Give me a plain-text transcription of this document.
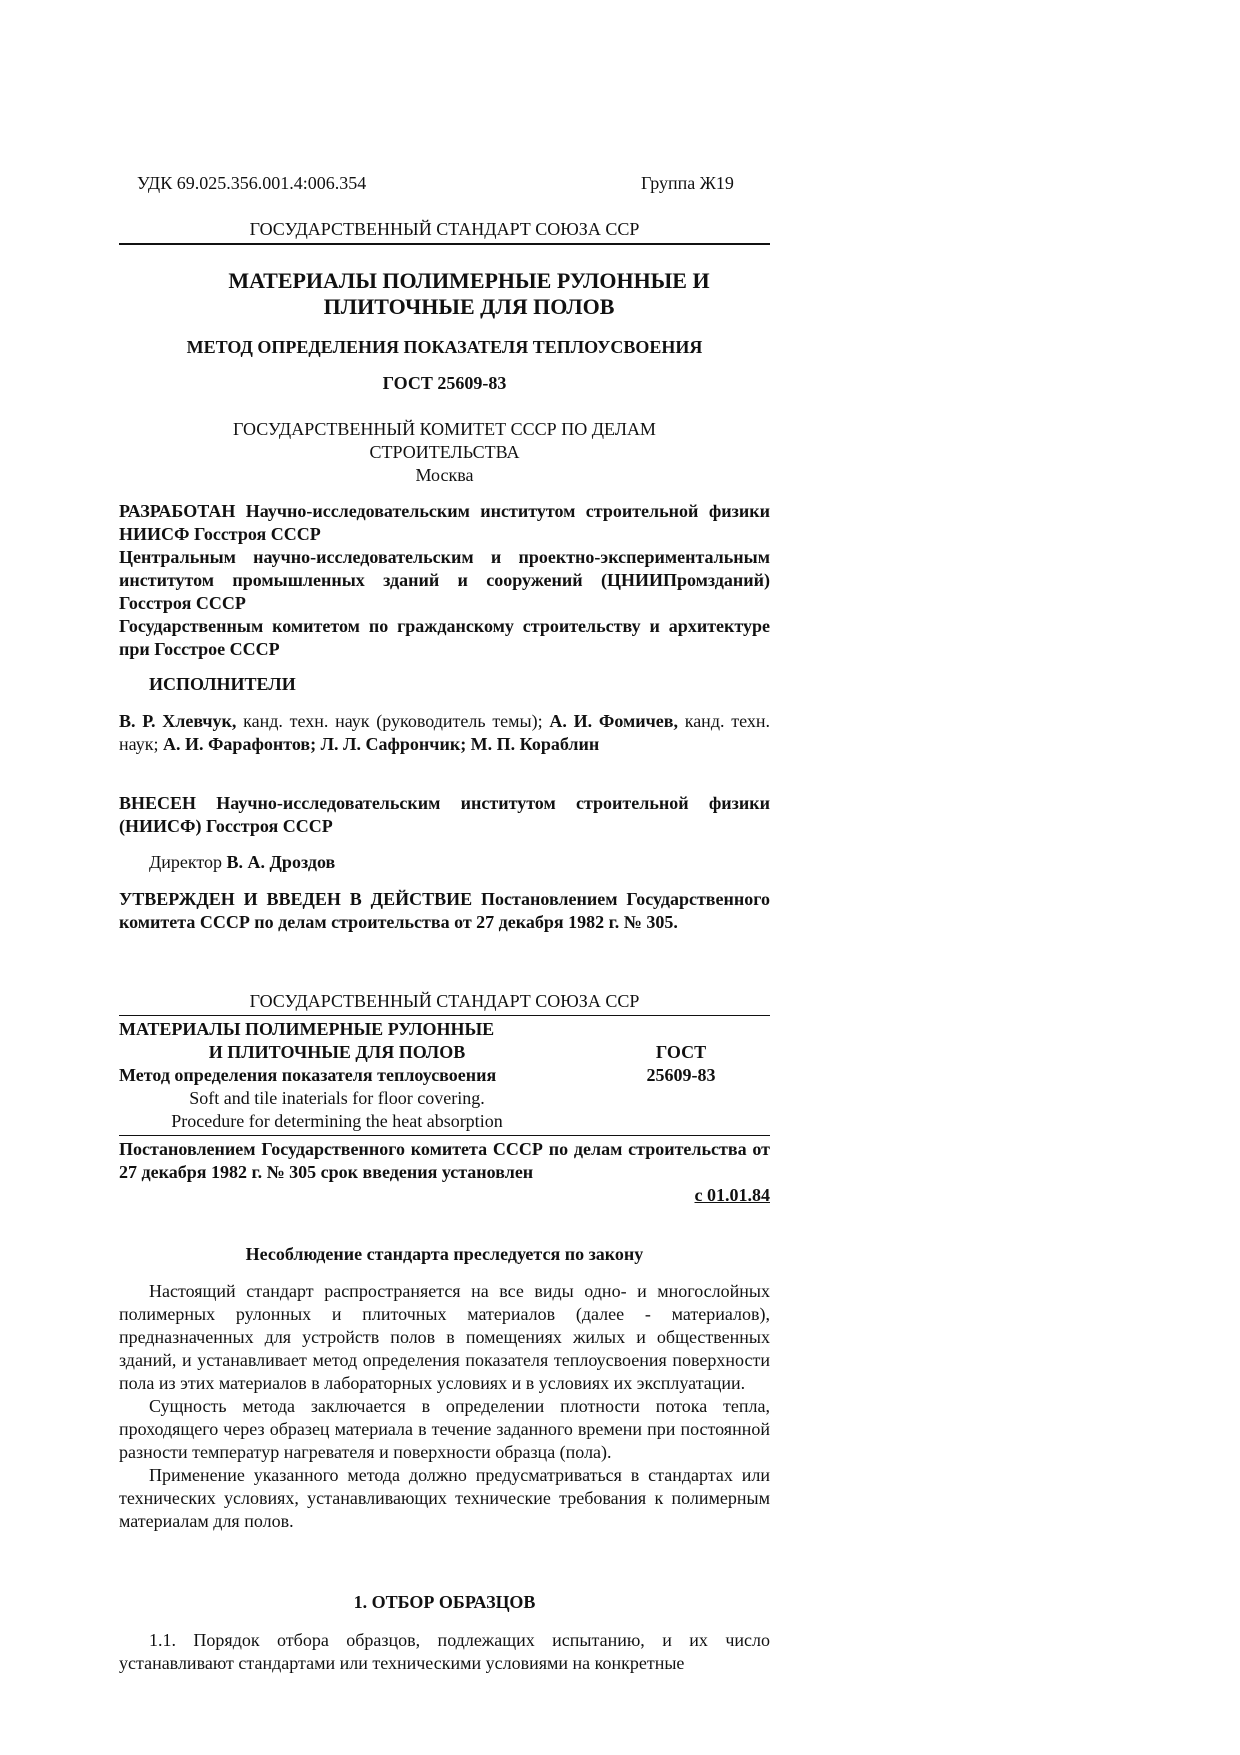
УДК 69.025.356.001.4:006.354	Группа Ж19
ГОСУДАРСТВЕННЫЙ СТАНДАРТ СОЮЗА ССР
МАТЕРИАЛЫ ПОЛИМЕРНЫЕ РУЛОННЫЕ И
ПЛИТОЧНЫЕ ДЛЯ ПОЛОВ
МЕТОД ОПРЕДЕЛЕНИЯ ПОКАЗАТЕЛЯ ТЕПЛОУСВОЕНИЯ
ГОСТ 25609-83
ГОСУДАРСТВЕННЫЙ КОМИТЕТ СССР ПО ДЕЛАМ
СТРОИТЕЛЬСТВА
Москва

РАЗРАБОТАН Научно-исследовательским институтом строительной физики НИИСФ Госстроя СССР

Центральным научно-исследовательским и проектно-экспериментальным институтом промышленных зданий и сооружений (ЦНИИПромзданий) Госстроя СССР

Государственным комитетом по гражданскому строительству и архитектуре при Госстрое СССР

ИСПОЛНИТЕЛИ

В. Р. Хлевчук, канд. техн. наук (руководитель темы); А. И. Фомичев, канд. техн. наук; А. И. Фарафонтов; Л. Л. Сафрончик; М. П. Кораблин

ВНЕСЕН Научно-исследовательским институтом строительной физики (НИИСФ) Госстроя СССР

Директор В. А. Дроздов

УТВЕРЖДЕН И ВВЕДЕН В ДЕЙСТВИЕ Постановлением Государственного комитета СССР по делам строительства от 27 декабря 1982 г. № 305.

ГОСУДАРСТВЕННЫЙ СТАНДАРТ СОЮЗА ССР
МАТЕРИАЛЫ ПОЛИМЕРНЫЕ РУЛОННЫЕ
И ПЛИТОЧНЫЕ ДЛЯ ПОЛОВ
Метод определения показателя теплоусвоения
Soft and tile inaterials for floor covering.
Procedure for determining the heat absorption
ГОСТ
25609-83

Постановлением Государственного комитета СССР по делам строительства от 27 декабря 1982 г. № 305 срок введения установлен

с 01.01.84
Несоблюдение стандарта преследуется по закону

Настоящий стандарт распространяется на все виды одно- и многослойных полимерных рулонных и плиточных материалов (далее - материалов), предназначенных для устройств полов в помещениях жилых и общественных зданий, и устанавливает метод определения показателя теплоусвоения поверхности пола из этих материалов в лабораторных условиях и в условиях их эксплуатации.

Сущность метода заключается в определении плотности потока тепла, проходящего через образец материала в течение заданного времени при постоянной разности температур нагревателя и поверхности образца (пола).

Применение указанного метода должно предусматриваться в стандартах или технических условиях, устанавливающих технические требования к полимерным материалам для полов.

1. ОТБОР ОБРАЗЦОВ

1.1. Порядок отбора образцов, подлежащих испытанию, и их число устанавливают стандартами или техническими условиями на конкретные
